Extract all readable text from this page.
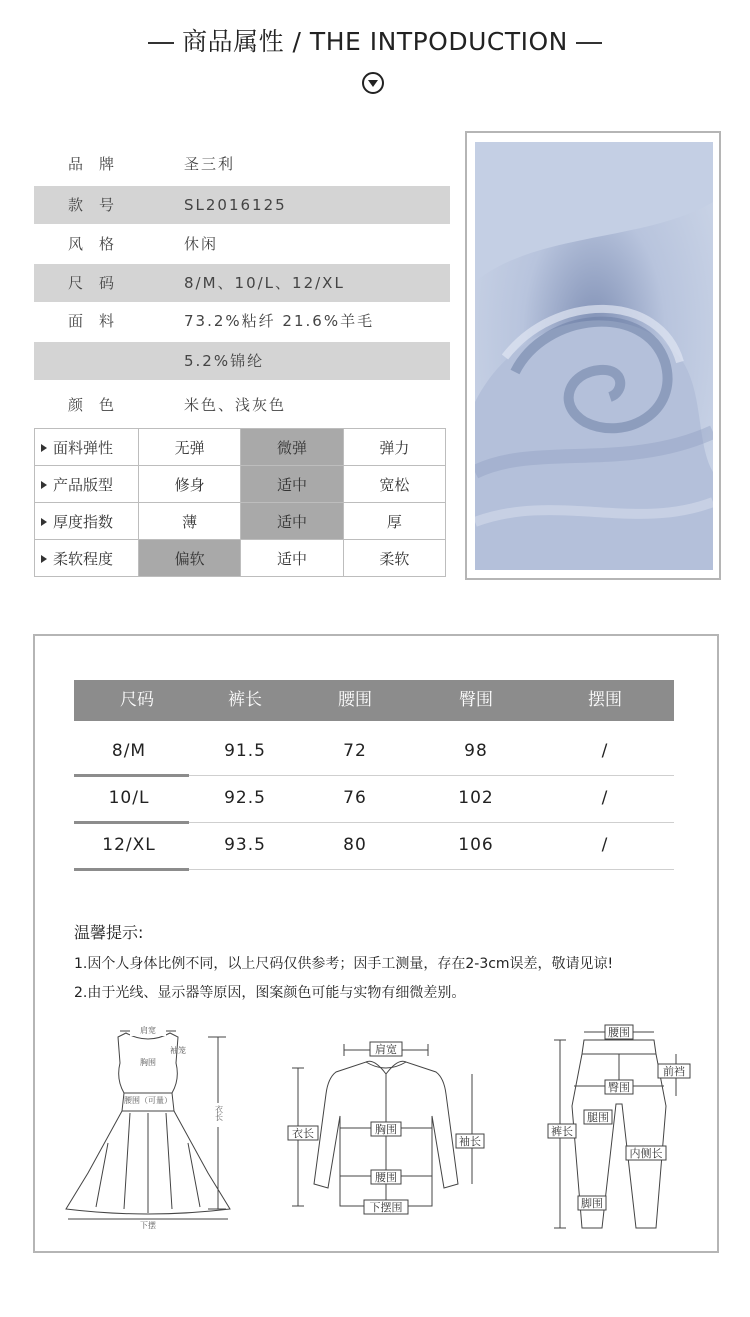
商品属性 / THE INTPODUCTION
品牌	圣三利
款号	SL2016125
风格	休闲
尺码	8/M、10/L、12/XL
面料	73.2%粘纤 21.6%羊毛
5.2%锦纶
颜色	米色、浅灰色
面料弹性	无弹	微弹	弹力
产品版型	修身	适中	宽松
厚度指数	薄	适中	厚
柔软程度	偏软	适中	柔软
尺码	裤长	腰围	臀围	摆围
8/M	91.5	72	98	/
10/L	92.5	76	102	/
12/XL	93.5	80	106	/
温馨提示:
1.因个人身体比例不同，以上尺码仅供参考；因手工测量，存在2-3cm误差，敬请见谅!
2.由于光线、显示器等原因，图案颜色可能与实物有细微差别。
肩宽
袖笼
胸围
腰围（可量）
衣长
下摆
肩宽
衣长	胸围
袖长
腰围
下摆围
腰围
前裆
臀围
腿围
裤长
内侧长
脚围
